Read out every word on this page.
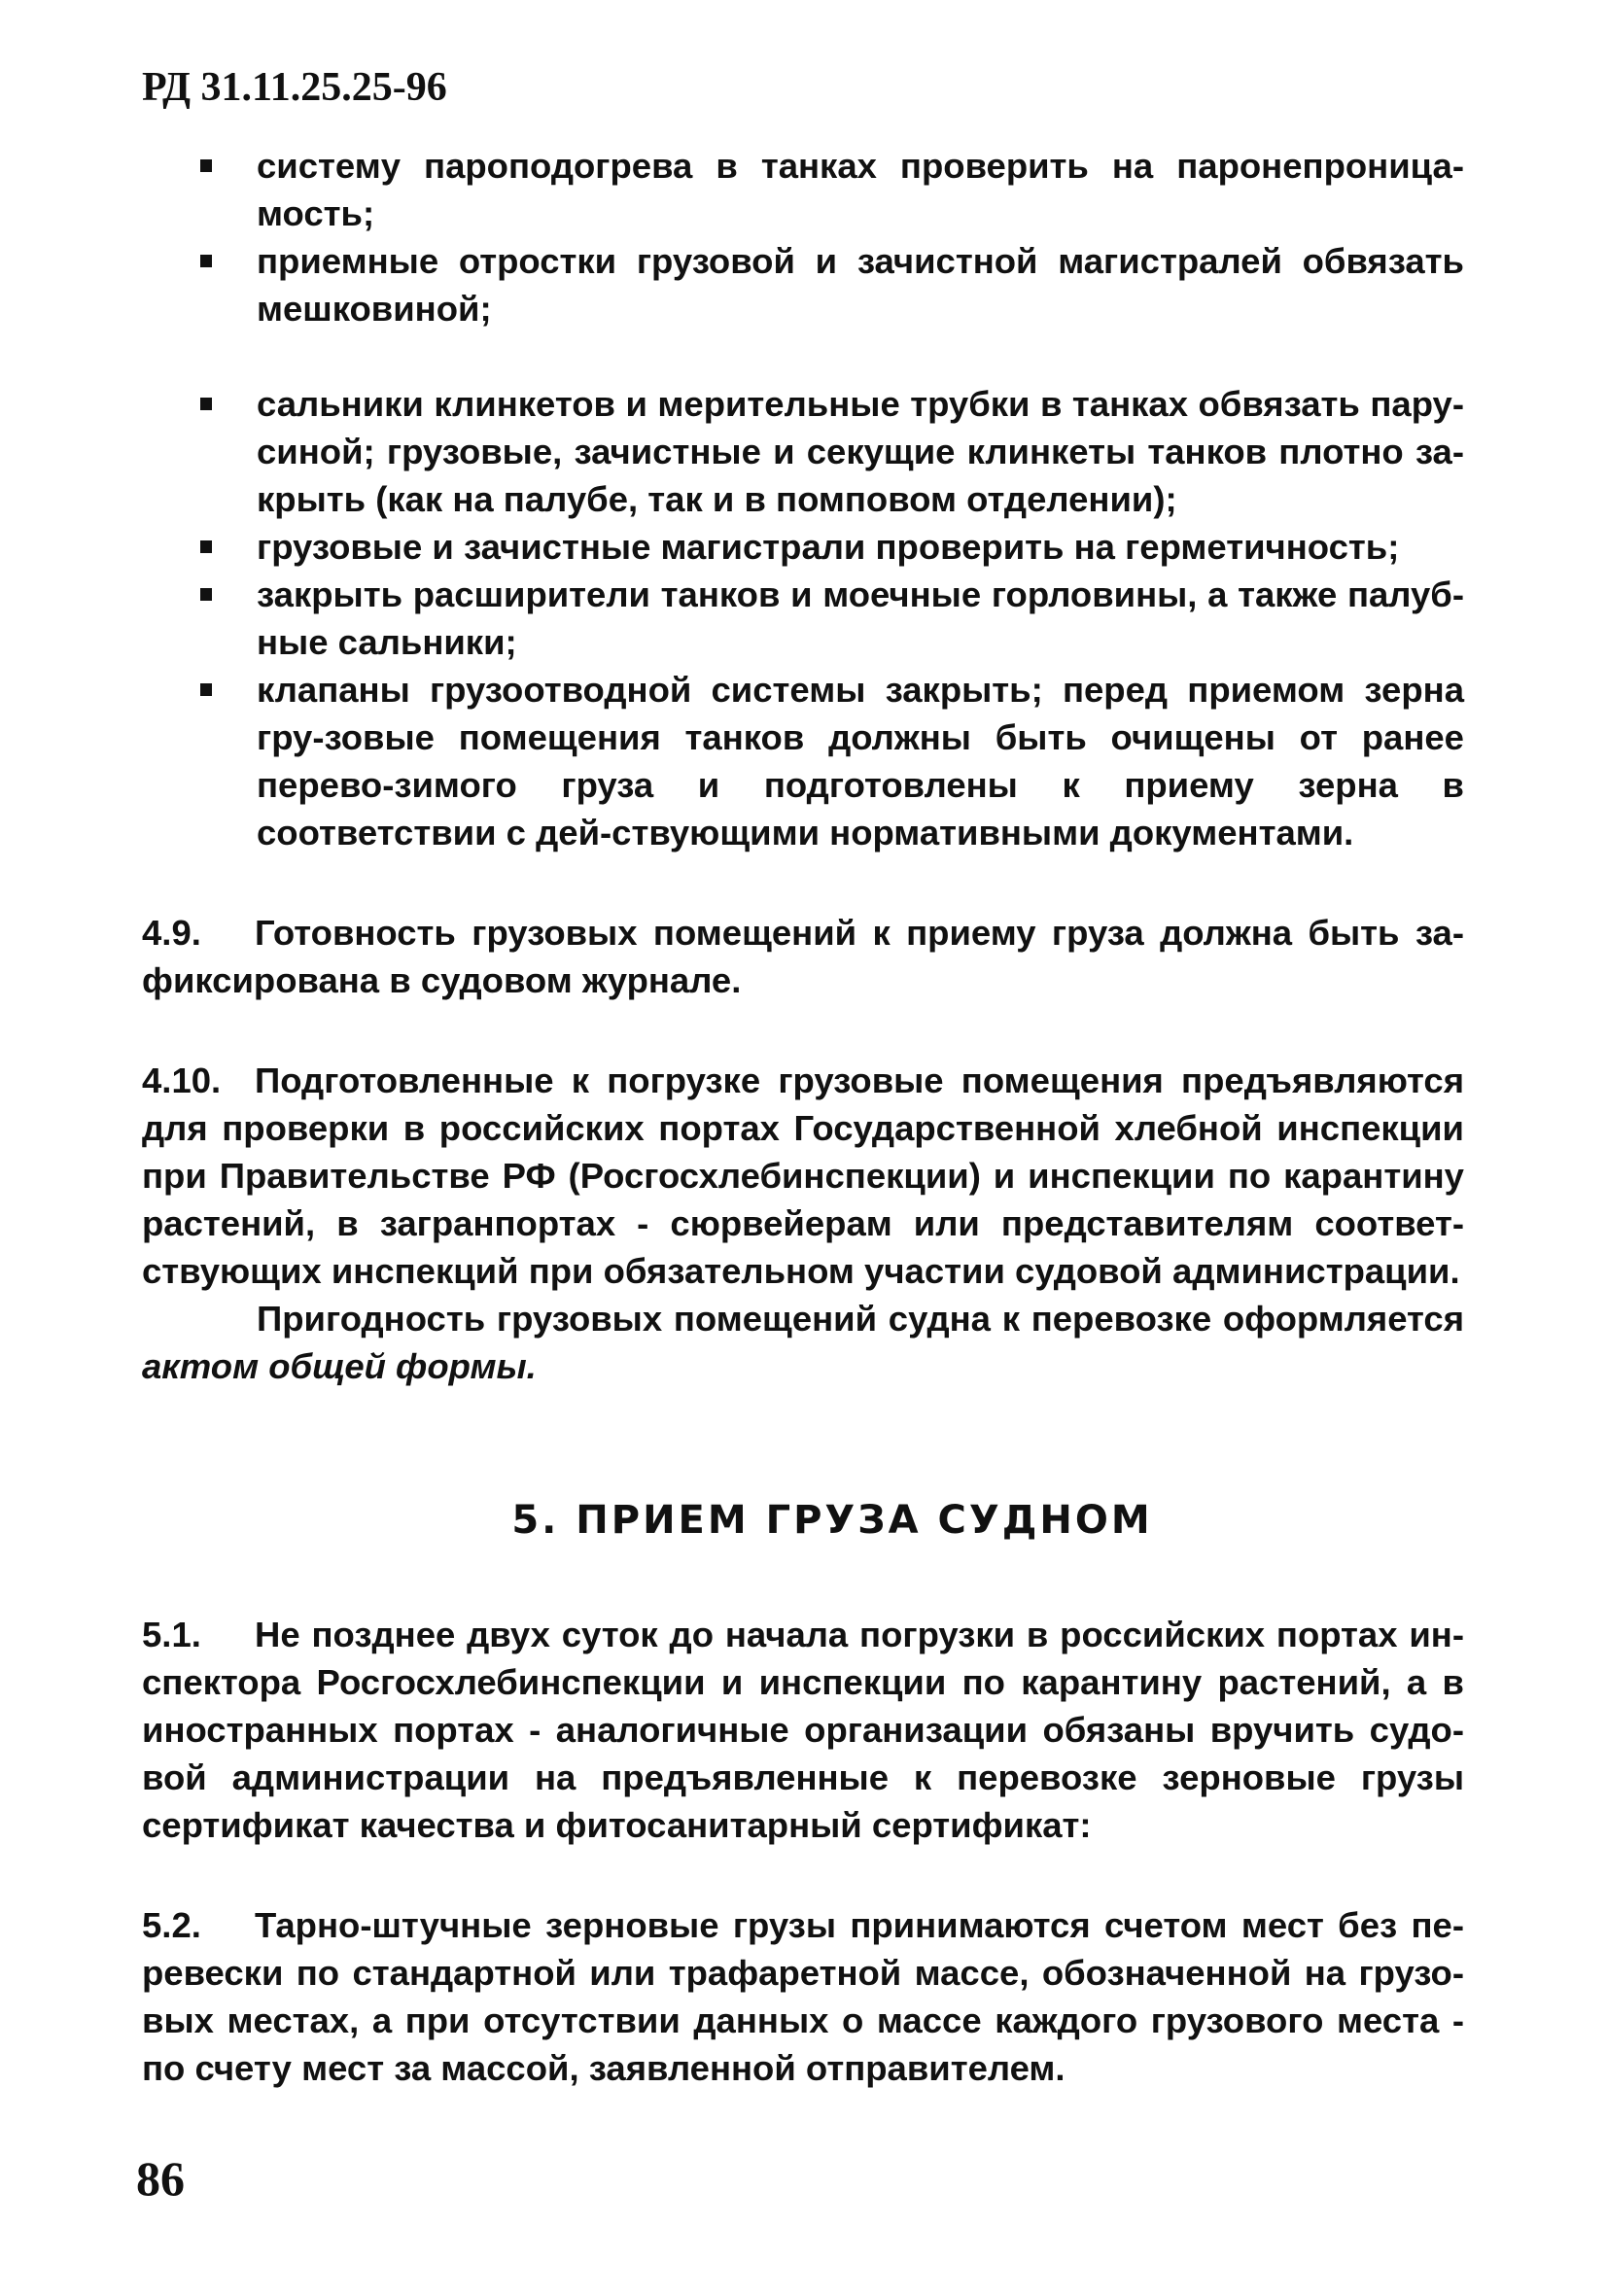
РД 31.11.25.25-96
системy пароподогрева в танках проверить на паронепроница-мость;
приемные отростки грузовой и зачистной магистралей обвязать мешковиной;
сальники клинкетов и мерительные трубки в танках обвязать пару-синой; грузовые, зачистные и секущие клинкеты танков плотно за-крыть (как на палубе, так и в помповом отделении);
грузовые и зачистные магистрали проверить на герметичность;
закрыть расширители танков и моечные горловины, а также палуб-ные сальники;
клапаны грузоотводной системы закрыть; перед приемом зерна гру-зовые помещения танков должны быть очищены от ранее перево-зимого груза и подготовлены к приему зерна в соответствии с дей-ствующими нормативными документами.

4.9. Готовность грузовых помещений к приему груза должна быть за-фиксирована в судовом журнале.

4.10. Подготовленные к погрузке грузовые помещения предъявляются для проверки в российских портах Государственной хлебной инспекции при Правительстве РФ (Росгосхлебинспекции) и инспекции по карантину растений, в загранпортах - сюрвейерам или представителям соответ-ствующих инспекций при обязательном участии судовой администрации.

Пригодность грузовых помещений судна к перевозке оформляется актом общей формы.

5. ПРИЕМ ГРУЗА СУДНОМ

5.1. Не позднее двух суток до начала погрузки в российских портах ин-спектора Росгосхлебинспекции и инспекции по карантину растений, а в иностранных портах - аналогичные организации обязаны вручить судо-вой администрации на предъявленные к перевозке зерновые грузы сертификат качества и фитосанитарный сертификат:

5.2. Тарно-штучные зерновые грузы принимаются счетом мест без пе-ревески по стандартной или трафаретной массе, обозначенной на грузо-вых местах, а при отсутствии данных о массе каждого грузового места - по счету мест за массой, заявленной отправителем.

86
